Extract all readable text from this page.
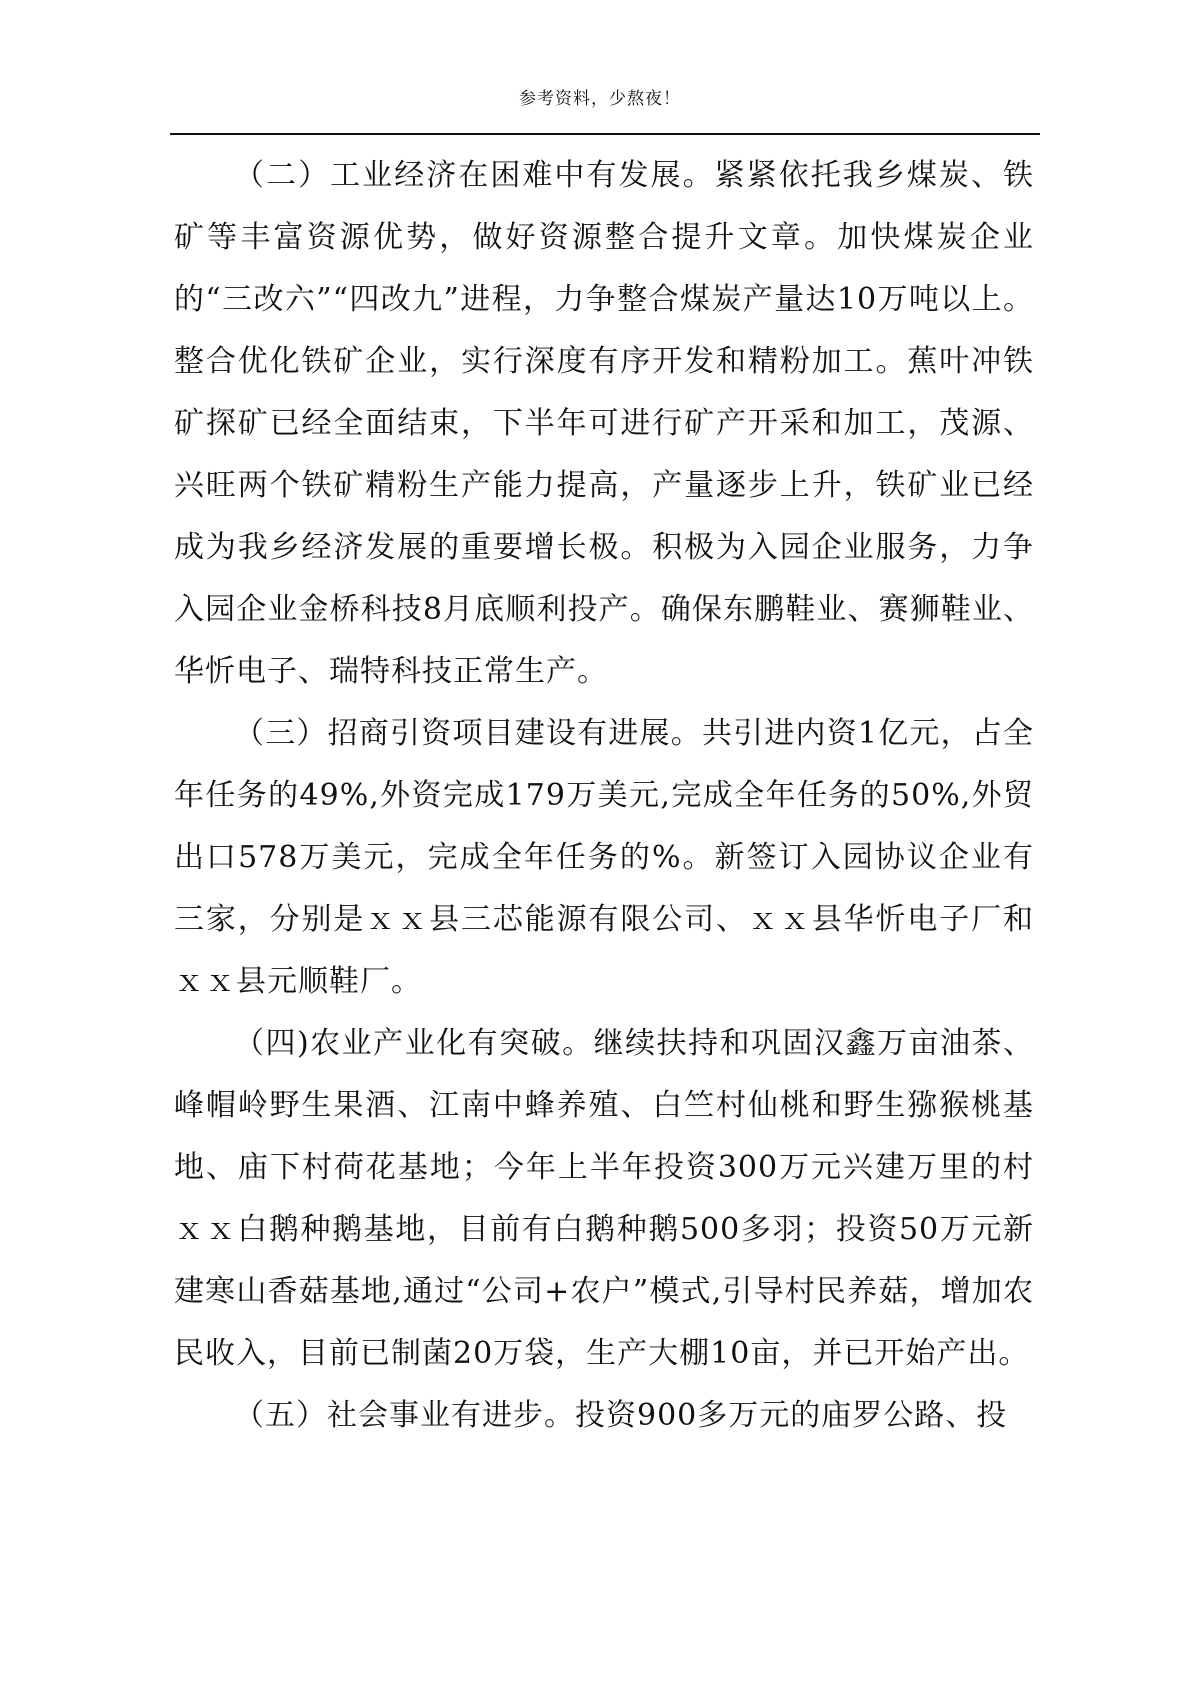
参考资料，少熬夜！

（二）工业经济在困难中有发展。紧紧依托我乡煤炭、铁矿等丰富资源优势，做好资源整合提升文章。加快煤炭企业的“三改六”“四改九”进程，力争整合煤炭产量达10万吨以上。整合优化铁矿企业，实行深度有序开发和精粉加工。蕉叶冲铁矿探矿已经全面结束，下半年可进行矿产开采和加工，茂源、兴旺两个铁矿精粉生产能力提高，产量逐步上升，铁矿业已经成为我乡经济发展的重要增长极。积极为入园企业服务，力争入园企业金桥科技8月底顺利投产。确保东鹏鞋业、赛狮鞋业、华忻电子、瑞特科技正常生产。

（三）招商引资项目建设有进展。共引进内资1亿元，占全年任务的49%,外资完成179万美元,完成全年任务的50%,外贸出口578万美元，完成全年任务的%。新签订入园协议企业有三家，分别是ｘｘ县三芯能源有限公司、ｘｘ县华忻电子厂和ｘｘ县元顺鞋厂。

（四)农业产业化有突破。继续扶持和巩固汉鑫万亩油茶、峰帽岭野生果酒、江南中蜂养殖、白竺村仙桃和野生猕猴桃基地、庙下村荷花基地；今年上半年投资300万元兴建万里的村ｘｘ白鹅种鹅基地，目前有白鹅种鹅500多羽；投资50万元新建寒山香菇基地,通过“公司+农户”模式,引导村民养菇，增加农民收入，目前已制菌20万袋，生产大棚10亩，并已开始产出。

（五）社会事业有进步。投资900多万元的庙罗公路、投
